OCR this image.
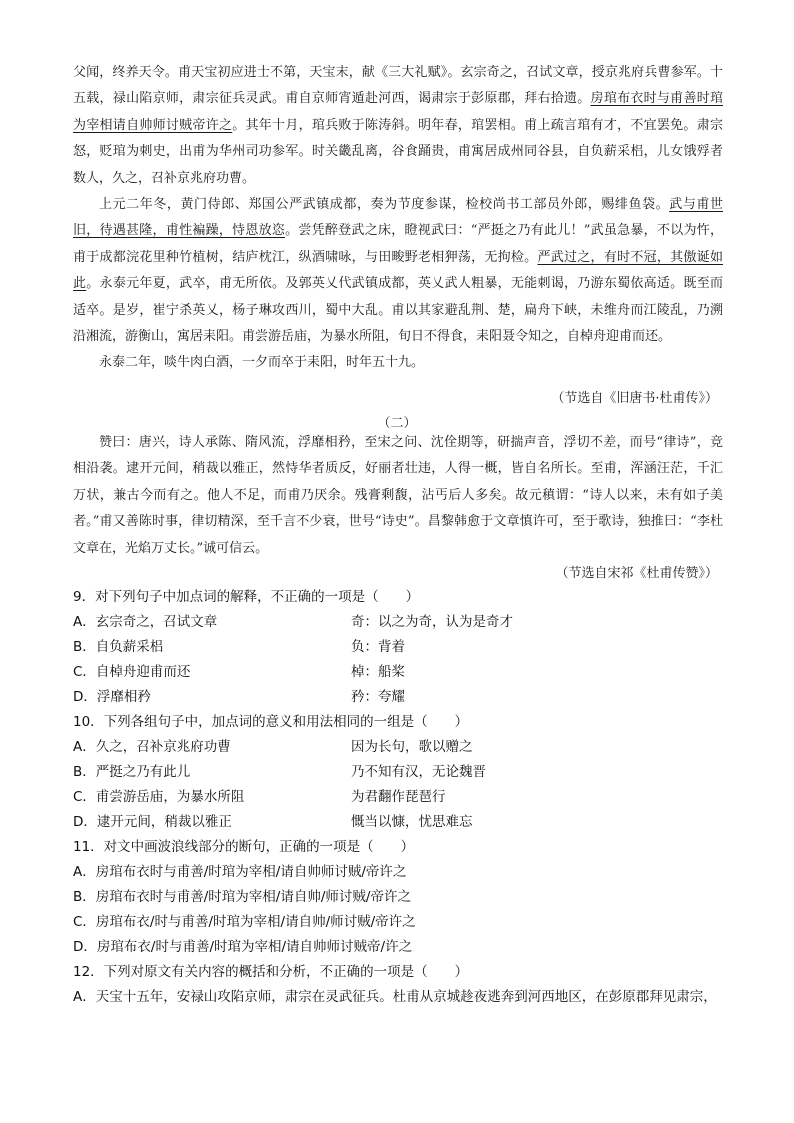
父闻，终养天令。甫天宝初应进士不第，天宝末，献《三大礼赋》。玄宗奇之，召试文章，授京兆府兵曹参军。十五载，禄山陷京师，肃宗征兵灵武。甫自京师宵遁赴河西，谒肃宗于彭原郡，拜右拾遗。房琯布衣时与甫善时琯为宰相请自帅师讨贼帝许之。其年十月，琯兵败于陈涛斜。明年春，琯罢相。甫上疏言琯有才，不宜罢免。肃宗怒，贬琯为刺史，出甫为华州司功参军。时关畿乱离，谷食踊贵，甫寓居成州同谷县，自负薪采梠，儿女饿殍者数人，久之，召补京兆府功曹。

上元二年冬，黄门侍郎、郑国公严武镇成都，奏为节度参谋，检校尚书工部员外郎，赐绯鱼袋。武与甫世旧，待遇甚隆，甫性褊躁，恃恩放恣。尝凭醉登武之床，瞪视武曰：“严挺之乃有此儿！”武虽急暴，不以为忤，甫于成都浣花里种竹植树，结庐枕江，纵酒啸咏，与田畯野老相狎荡，无拘检。严武过之，有时不冠，其傲诞如此。永泰元年夏，武卒，甫无所依。及郭英乂代武镇成都，英乂武人粗暴，无能刺谒，乃游东蜀依高适。既至而适卒。是岁，崔宁杀英乂，杨子琳攻西川，蜀中大乱。甫以其家避乱荆、楚，扁舟下峡，未维舟而江陵乱，乃溯沿湘流，游衡山，寓居耒阳。甫尝游岳庙，为暴水所阻，旬日不得食，耒阳聂令知之，自棹舟迎甫而还。

永泰二年，啖牛肉白酒，一夕而卒于耒阳，时年五十九。

（节选自《旧唐书·杜甫传》）
（二）

赞曰：唐兴，诗人承陈、隋风流，浮靡相矜，至宋之问、沈佺期等，研揣声音，浮切不差，而号“律诗”，竞相沿袭。逮开元间，稍裁以雅正，然恃华者质反，好丽者壮违，人得一概，皆自名所长。至甫，浑涵汪茫，千汇万状，兼古今而有之。他人不足，而甫乃厌余。残膏剩馥，沾丐后人多矣。故元稹谓：“诗人以来，未有如子美者。”甫又善陈时事，律切精深，至千言不少衰，世号“诗史”。昌黎韩愈于文章慎许可，至于歌诗，独推曰：“李杜文章在，光焰万丈长。”诚可信云。

（节选自宋祁《杜甫传赞》）
9．对下列句子中加点词的解释，不正确的一项是（　　）
A．玄宗奇之，召试文章	奇：以之为奇，认为是奇才
B．自负薪采梠	负：背着
C．自棹舟迎甫而还	棹：船桨
D．浮靡相矜	矜：夸耀
10．下列各组句子中，加点词的意义和用法相同的一组是（　　）
A．久之，召补京兆府功曹	因为长句，歌以赠之
B．严挺之乃有此儿	乃不知有汉，无论魏晋
C．甫尝游岳庙，为暴水所阻	为君翻作琵琶行
D．逮开元间，稍裁以雅正	慨当以慷，忧思难忘
11．对文中画波浪线部分的断句，正确的一项是（　　）
A．房琯布衣时与甫善/时琯为宰相/请自帅师讨贼/帝许之
B．房琯布衣时与甫善/时琯为宰相/请自帅/师讨贼/帝许之
C．房琯布衣/时与甫善/时琯为宰相/请自帅/师讨贼/帝许之
D．房琯布衣/时与甫善/时琯为宰相/请自帅师讨贼帝/许之
12．下列对原文有关内容的概括和分析，不正确的一项是（　　）
A．天宝十五年，安禄山攻陷京师，肃宗在灵武征兵。杜甫从京城趁夜逃奔到河西地区，在彭原郡拜见肃宗，
